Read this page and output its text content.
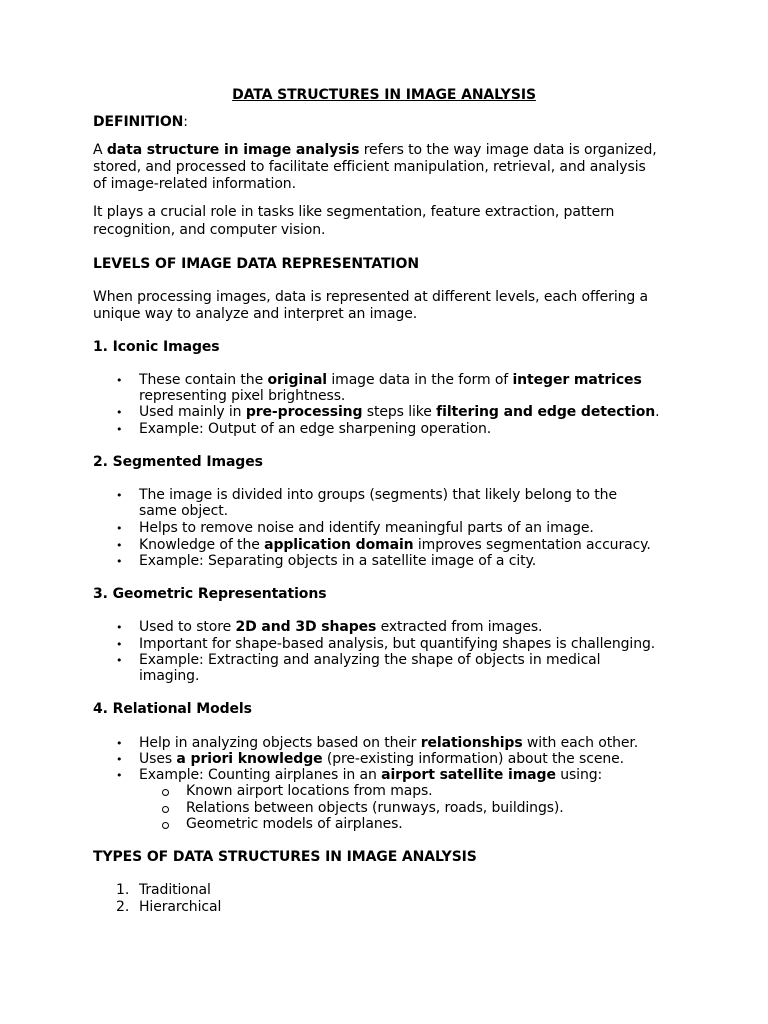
DATA STRUCTURES IN IMAGE ANALYSIS
DEFINITION:
A data structure in image analysis refers to the way image data is organized,
stored, and processed to facilitate efficient manipulation, retrieval, and analysis
of image-related information.
It plays a crucial role in tasks like segmentation, feature extraction, pattern
recognition, and computer vision.
LEVELS OF IMAGE DATA REPRESENTATION
When processing images, data is represented at different levels, each offering a
unique way to analyze and interpret an image.
1. Iconic Images
• These contain the original image data in the form of integer matrices
representing pixel brightness.
• Used mainly in pre-processing steps like filtering and edge detection.
• Example: Output of an edge sharpening operation.
2. Segmented Images
• The image is divided into groups (segments) that likely belong to the
same object.
• Helps to remove noise and identify meaningful parts of an image.
• Knowledge of the application domain improves segmentation accuracy.
• Example: Separating objects in a satellite image of a city.
3. Geometric Representations
• Used to store 2D and 3D shapes extracted from images.
• Important for shape-based analysis, but quantifying shapes is challenging.
• Example: Extracting and analyzing the shape of objects in medical
imaging.
4. Relational Models
• Help in analyzing objects based on their relationships with each other.
• Uses a priori knowledge (pre-existing information) about the scene.
• Example: Counting airplanes in an airport satellite image using:
Known airport locations from maps.
Relations between objects (runways, roads, buildings).
Geometric models of airplanes.
TYPES OF DATA STRUCTURES IN IMAGE ANALYSIS
1. Traditional
2. Hierarchical
